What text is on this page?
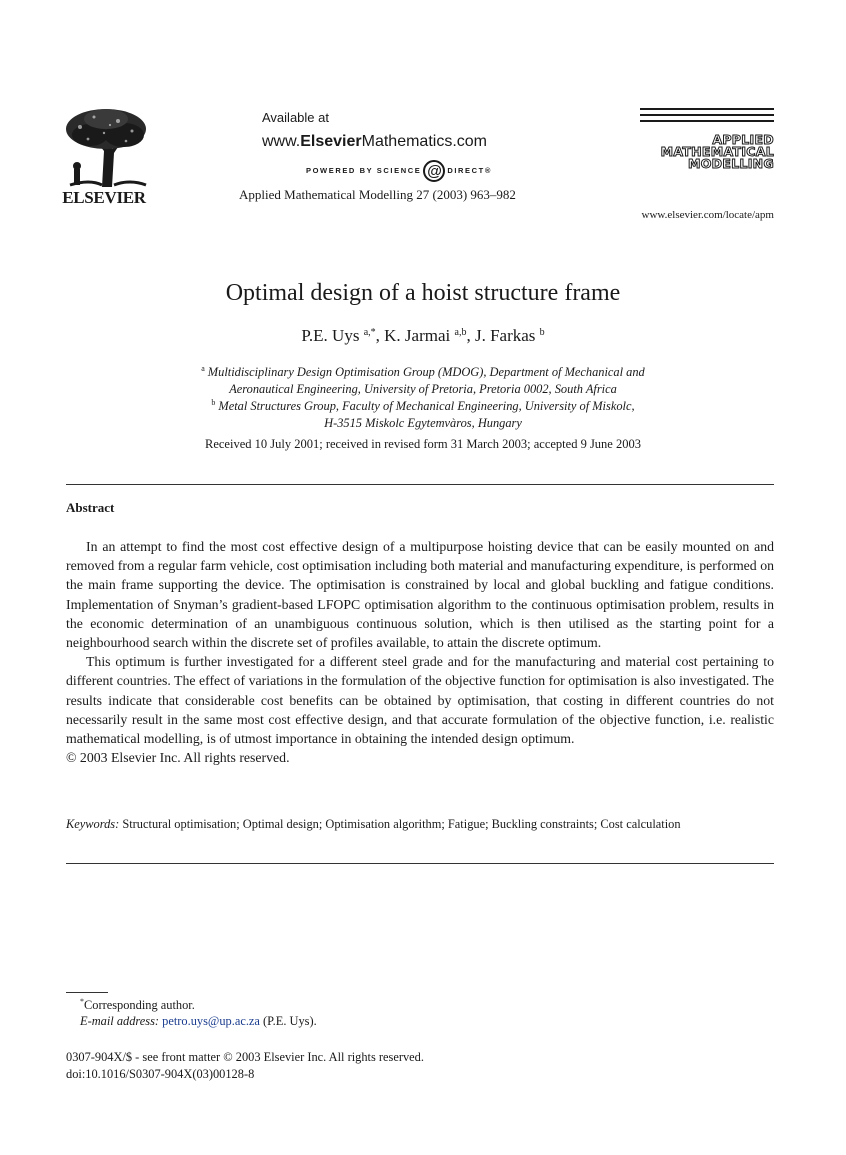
ELSEVIER
Available at
www.ElsevierMathematics.com
POWERED BY SCIENCE @ DIRECT®
Applied Mathematical Modelling 27 (2003) 963–982
APPLIED
MATHEMATICAL
MODELLING
www.elsevier.com/locate/apm
Optimal design of a hoist structure frame
P.E. Uys $^{a,*}$, K. Jarmai $^{a,b}$, J. Farkas $^b$
$^a$ Multidisciplinary Design Optimisation Group (MDOG), Department of Mechanical and
Aeronautical Engineering, University of Pretoria, Pretoria 0002, South Africa
$^b$ Metal Structures Group, Faculty of Mechanical Engineering, University of Miskolc,
H-3515 Miskolc Egytemvàros, Hungary
Received 10 July 2001; received in revised form 31 March 2003; accepted 9 June 2003
Abstract

In an attempt to find the most cost effective design of a multipurpose hoisting device that can be easily mounted on and removed from a regular farm vehicle, cost optimisation including both material and manufacturing expenditure, is performed on the main frame supporting the device. The optimisation is constrained by local and global buckling and fatigue conditions. Implementation of Snyman’s gradient-based LFOPC optimisation algorithm to the continuous optimisation problem, results in the economic determination of an unambiguous continuous solution, which is then utilised as the starting point for a neighbourhood search within the discrete set of profiles available, to attain the discrete optimum.

This optimum is further investigated for a different steel grade and for the manufacturing and material cost pertaining to different countries. The effect of variations in the formulation of the objective function for optimisation is also investigated. The results indicate that considerable cost benefits can be obtained by optimisation, that costing in different countries do not necessarily result in the same most cost effective design, and that accurate formulation of the objective function, i.e. realistic mathematical modelling, is of utmost importance in obtaining the intended design optimum.

© 2003 Elsevier Inc. All rights reserved.

Keywords: Structural optimisation; Optimal design; Optimisation algorithm; Fatigue; Buckling constraints; Cost calculation
*Corresponding author.
E-mail address: petro.uys@up.ac.za (P.E. Uys).
0307-904X/$ - see front matter © 2003 Elsevier Inc. All rights reserved.
doi:10.1016/S0307-904X(03)00128-8
